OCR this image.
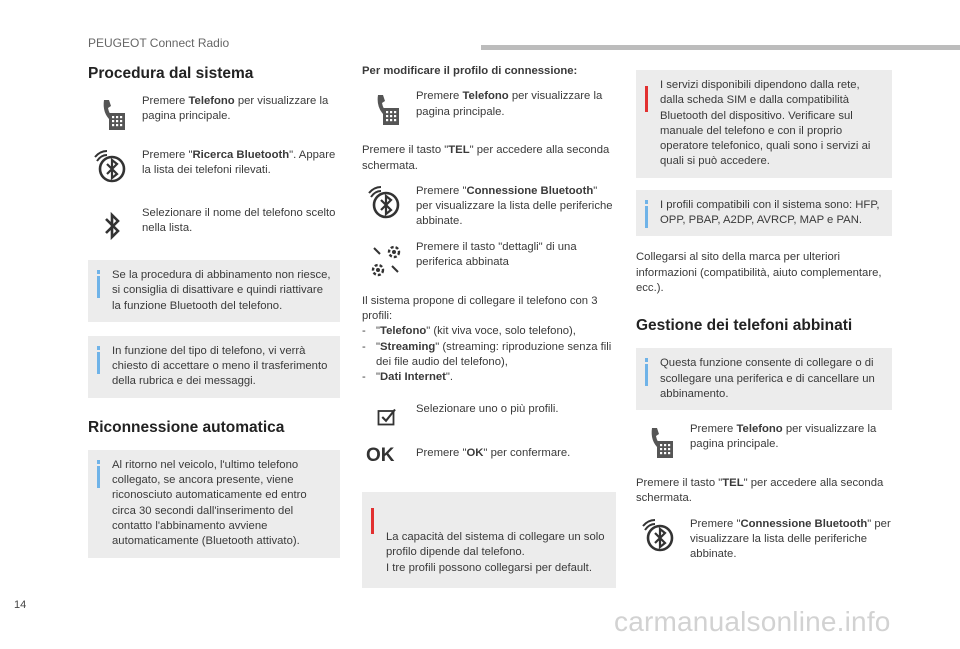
PEUGEOT Connect Radio
Procedura dal sistema
Premere Telefono per visualizzare la pagina principale.
Premere "Ricerca Bluetooth". Appare la lista dei telefoni rilevati.
Selezionare il nome del telefono scelto nella lista.
Se la procedura di abbinamento non riesce, si consiglia di disattivare e quindi riattivare la funzione Bluetooth del telefono.
In funzione del tipo di telefono, vi verrà chiesto di accettare o meno il trasferimento della rubrica e dei messaggi.
Riconnessione automatica
Al ritorno nel veicolo, l'ultimo telefono collegato, se ancora presente, viene riconosciuto automaticamente ed entro circa 30 secondi dall'inserimento del contatto l'abbinamento avviene automaticamente (Bluetooth attivato).
Per modificare il profilo di connessione:
Premere Telefono per visualizzare la pagina principale.
Premere il tasto "TEL" per accedere alla seconda schermata.
Premere "Connessione Bluetooth" per visualizzare la lista delle periferiche abbinate.
Premere il tasto "dettagli" di una periferica abbinata
Il sistema propone di collegare il telefono con 3 profili:
- "Telefono" (kit viva voce, solo telefono),
- "Streaming" (streaming: riproduzione senza fili dei file audio del telefono),
- "Dati Internet".
Selezionare uno o più profili.
OK	Premere "OK" per confermare.

La capacità del sistema di collegare un solo profilo dipende dal telefono.
I tre profili possono collegarsi per default.

I servizi disponibili dipendono dalla rete, dalla scheda SIM e dalla compatibilità Bluetooth del dispositivo. Verificare sul manuale del telefono e con il proprio operatore telefonico, quali sono i servizi ai quali si può accedere.
I profili compatibili con il sistema sono: HFP, OPP, PBAP, A2DP, AVRCP, MAP e PAN.
Collegarsi al sito della marca per ulteriori informazioni (compatibilità, aiuto complementare, ecc.).
Gestione dei telefoni abbinati
Questa funzione consente di collegare o di scollegare una periferica e di cancellare un abbinamento.
Premere Telefono per visualizzare la pagina principale.
Premere il tasto "TEL" per accedere alla seconda schermata.
Premere "Connessione Bluetooth" per visualizzare la lista delle periferiche abbinate.
14
carmanualsonline.info
